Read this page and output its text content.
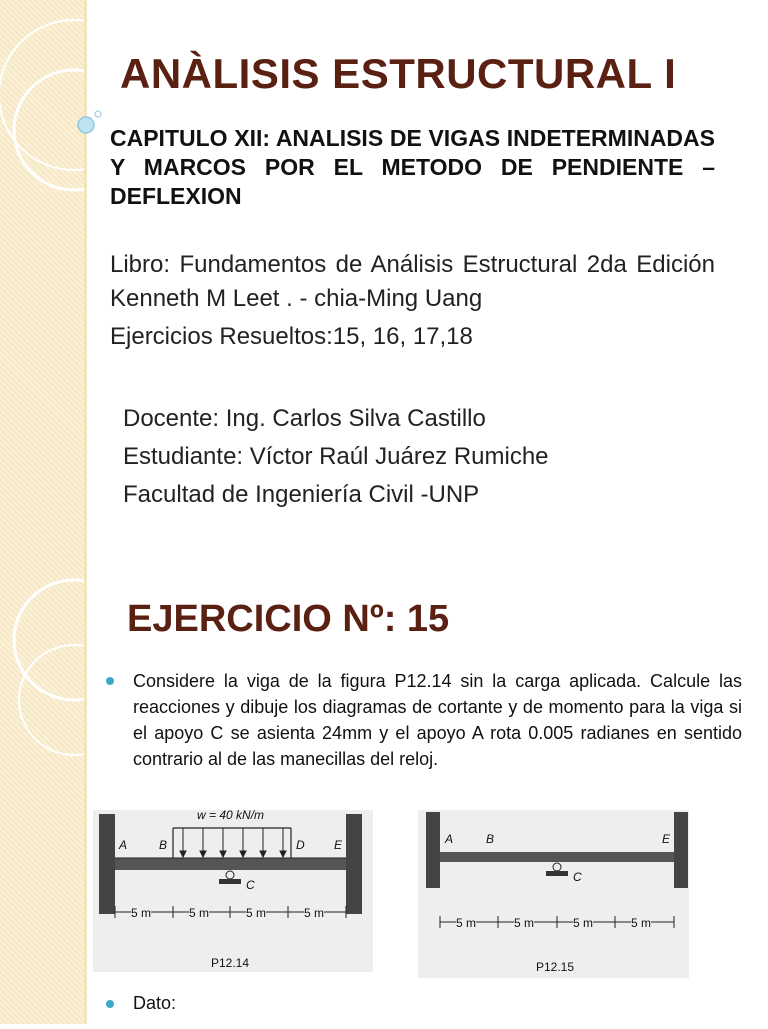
ANÀLISIS ESTRUCTURAL I

CAPITULO XII: ANALISIS DE VIGAS INDETERMINADAS Y MARCOS POR EL METODO DE PENDIENTE – DEFLEXION

Libro: Fundamentos de Análisis Estructural 2da Edición Kenneth M Leet . - chia-Ming Uang

Ejercicios Resueltos:15, 16, 17,18

Docente: Ing. Carlos Silva Castillo
Estudiante: Víctor Raúl Juárez Rumiche
Facultad de Ingeniería Civil -UNP
EJERCICIO Nº: 15

Considere la viga de la figura P12.14 sin la carga aplicada. Calcule las reacciones y dibuje los diagramas de cortante y de momento para la viga si el apoyo C se asienta 24mm y el apoyo A rota 0.005 radianes en sentido contrario al de las manecillas del reloj.

w = 40 kN/m
A	B
C
D E
5 m	5 m	5 m	5 m
P12.14
A	B
C
E
5 m	5 m	5 m	5 m
P12.15
Dato:
